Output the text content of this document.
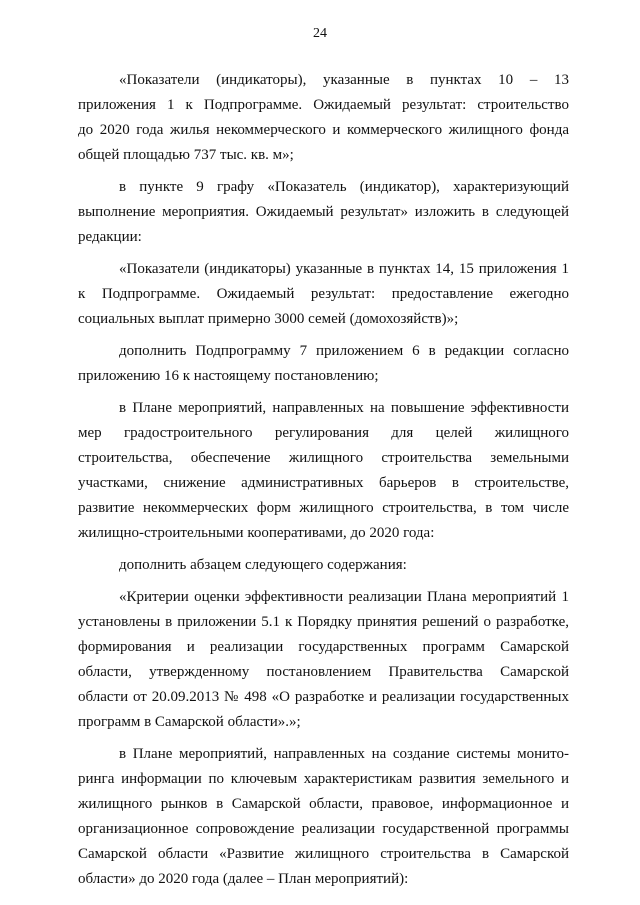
24
«Показатели (индикаторы), указанные в пунктах 10 – 13
приложения 1 к Подпрограмме. Ожидаемый результат: строительство
до 2020 года жилья некоммерческого и коммерческого жилищного фонда
общей площадью 737 тыс. кв. м»;
в пункте 9 графу «Показатель (индикатор), характеризующий
выполнение мероприятия. Ожидаемый результат» изложить в следующей
редакции:
«Показатели (индикаторы) указанные в пунктах 14, 15 приложения 1
к Подпрограмме. Ожидаемый результат: предоставление ежегодно
социальных выплат примерно 3000 семей (домохозяйств)»;
дополнить Подпрограмму 7 приложением 6 в редакции согласно
приложению 16 к настоящему постановлению;
в Плане мероприятий, направленных на повышение эффективности
мер градостроительного регулирования для целей жилищного
строительства, обеспечение жилищного строительства земельными
участками, снижение административных барьеров в строительстве,
развитие некоммерческих форм жилищного строительства, в том числе
жилищно-строительными кооперативами, до 2020 года:
дополнить абзацем следующего содержания:
«Критерии оценки эффективности реализации Плана мероприятий 1
установлены в приложении 5.1 к Порядку принятия решений о разработке,
формирования и реализации государственных программ Самарской
области, утвержденному постановлением Правительства Самарской
области от 20.09.2013 № 498 «О разработке и реализации государственных
программ в Самарской области».»;
в Плане мероприятий, направленных на создание системы монито-
ринга информации по ключевым характеристикам развития земельного и
жилищного рынков в Самарской области, правовое, информационное и
организационное сопровождение реализации государственной программы
Самарской области «Развитие жилищного строительства в Самарской
области» до 2020 года (далее – План мероприятий):
